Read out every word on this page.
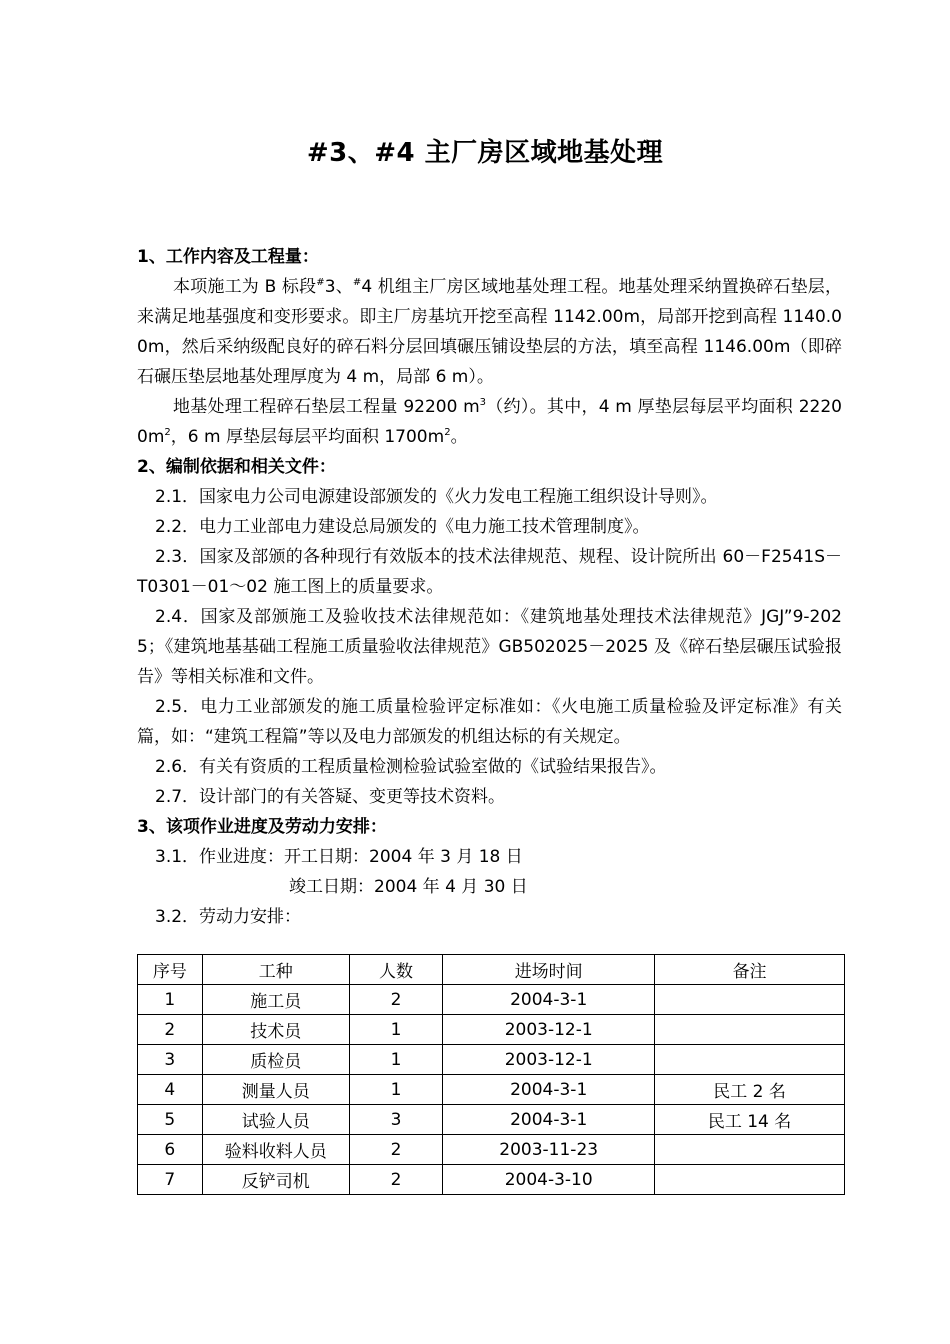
#3、#4 主厂房区域地基处理
1、工作内容及工程量：
本项施工为 B 标段#3、#4 机组主厂房区域地基处理工程。地基处理采纳置换碎石垫层，来满足地基强度和变形要求。即主厂房基坑开挖至高程 1142.00m，局部开挖到高程 1140.00m，然后采纳级配良好的碎石料分层回填碾压铺设垫层的方法，填至高程 1146.00m（即碎石碾压垫层地基处理厚度为 4 m，局部 6 m）。
地基处理工程碎石垫层工程量 92200 $m^3$（约）。其中，4 m 厚垫层每层平均面积 $22200m^2$，6 m 厚垫层每层平均面积 $1700m^2$。
2、编制依据和相关文件：
2.1．国家电力公司电源建设部颁发的《火力发电工程施工组织设计导则》。
2.2．电力工业部电力建设总局颁发的《电力施工技术管理制度》。
2.3．国家及部颁的各种现行有效版本的技术法律规范、规程、设计院所出 60－F2541S－T0301－01～02 施工图上的质量要求。
2.4．国家及部颁施工及验收技术法律规范如：《建筑地基处理技术法律规范》JGJ”9-2025；《建筑地基基础工程施工质量验收法律规范》GB502025－2025 及《碎石垫层碾压试验报告》等相关标准和文件。
2.5．电力工业部颁发的施工质量检验评定标准如：《火电施工质量检验及评定标准》有关篇，如：“建筑工程篇”等以及电力部颁发的机组达标的有关规定。
2.6．有关有资质的工程质量检测检验试验室做的《试验结果报告》。
2.7．设计部门的有关答疑、变更等技术资料。
3、该项作业进度及劳动力安排：
3.1．作业进度：开工日期：2004 年 3 月 18 日
竣工日期：2004 年 4 月 30 日
3.2．劳动力安排：
序号	工种	人数	进场时间	备注
1	施工员	2	2004-3-1	
2	技术员	1	2003-12-1	
3	质检员	1	2003-12-1	
4	测量人员	1	2004-3-1	民工 2 名
5	试验人员	3	2004-3-1	民工 14 名
6	验料收料人员	2	2003-11-23	
7	反铲司机	2	2004-3-10	
